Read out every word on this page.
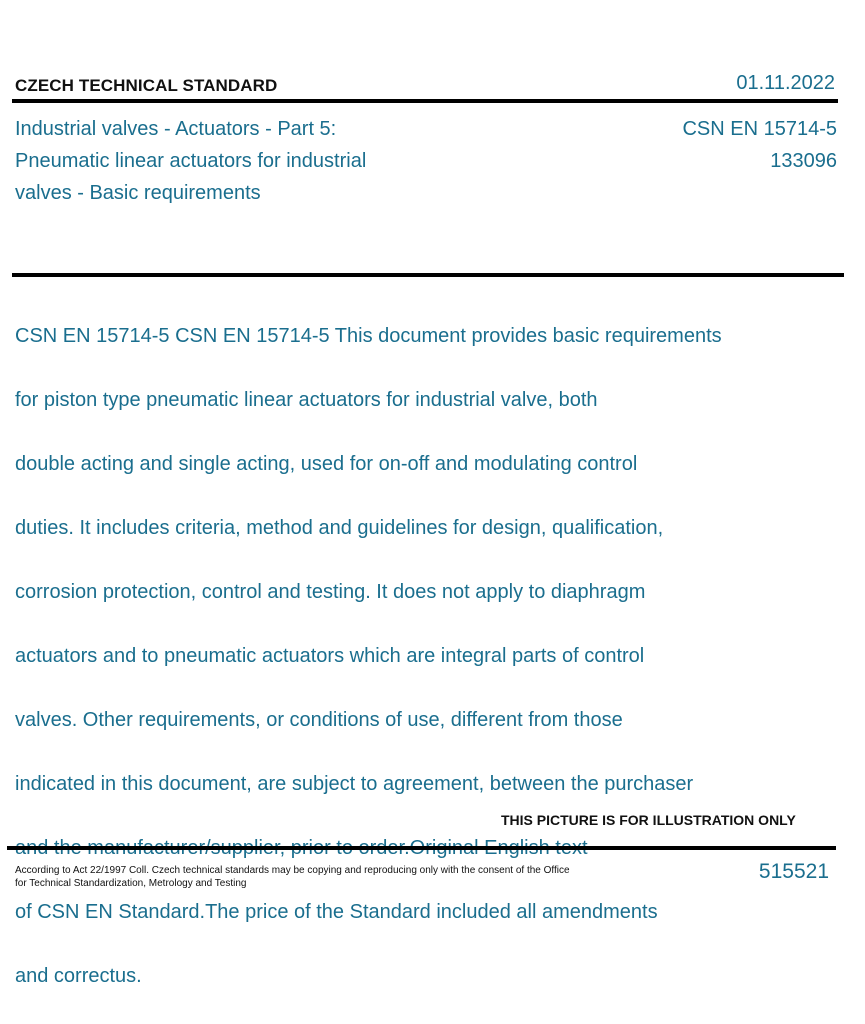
CZECH TECHNICAL STANDARD	01.11.2022
Industrial valves - Actuators - Part 5:
Pneumatic linear actuators for industrial
valves - Basic requirements
CSN EN 15714-5
133096

CSN EN 15714-5 CSN EN 15714-5 This document provides basic requirements

for piston type pneumatic linear actuators for industrial valve, both

double acting and single acting, used for on-off and modulating control

duties. It includes criteria, method and guidelines for design, qualification,

corrosion protection, control and testing. It does not apply to diaphragm

actuators and to pneumatic actuators which are integral parts of control

valves. Other requirements, or conditions of use, different from those

indicated in this document, are subject to agreement, between the purchaser

of CSN EN Standard.The price of the Standard included all amendments

and correctus.

THIS PICTURE IS FOR ILLUSTRATION ONLY
According to Act 22/1997 Coll. Czech technical standards may be copying and reproducing only with the consent of the Office
for Technical Standardization, Metrology and Testing
515521
